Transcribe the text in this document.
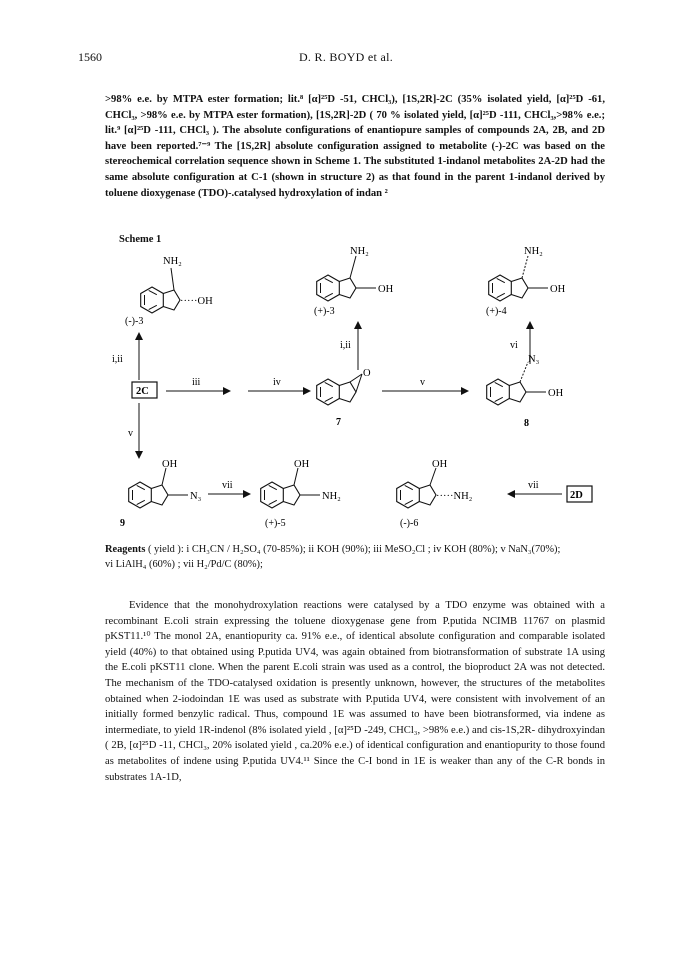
1560	D. R. BOYD et al.
>98% e.e. by MTPA ester formation; lit.⁸ [α]²⁵D -51, CHCl₃), [1S,2R]-2C (35% isolated yield, [α]²⁵D -61, CHCl₃, >98% e.e. by MTPA ester formation), [1S,2R]-2D ( 70 % isolated yield, [α]²⁵D -111, CHCl₃,>98% e.e.; lit.⁹ [α]²⁵D -111, CHCl₃ ). The absolute configurations of enantiopure samples of compounds 2A, 2B, and 2D have been reported.⁷⁻⁹ The [1S,2R] absolute configuration assigned to metabolite (-)-2C was based on the stereochemical correlation sequence shown in Scheme 1. The substituted 1-indanol metabolites 2A-2D had the same absolute configuration at C-1 (shown in structure 2) as that found in the parent 1-indanol derived by toluene dioxygenase (TDO)-.catalysed hydroxylation of indan ²
Scheme 1
NH₂
·····OH
(-)-3
NH₂
OH
(+)-3
NH₂
OH
(+)-4
i,ii
i,ii	vi
2C
iii	iv
O
7
v
N₃
OH
8
v
OH
N₃
9
vii
OH
NH₂
(+)-5
OH
·····NH₂
(-)-6
vii
2D
Reagents ( yield ): i CH₃CN / H₂SO₄ (70-85%); ii KOH (90%); iii MeSO₂Cl ; iv KOH (80%); v NaN₃(70%);
vi LiAlH₄ (60%) ; vii H₂/Pd/C (80%);
Evidence that the monohydroxylation reactions were catalysed by a TDO enzyme was obtained with a recombinant E.coli strain expressing the toluene dioxygenase gene from P.putida NCIMB 11767 on plasmid pKST11.¹⁰ The monol 2A, enantiopurity ca. 91% e.e., of identical absolute configuration and comparable isolated yield (40%) to that obtained using P.putida UV4, was again obtained from biotransformation of substrate 1A using the E.coli pKST11 clone. When the parent E.coli strain was used as a control, the bioproduct 2A was not detected. The mechanism of the TDO-catalysed oxidation is presently unknown, however, the structures of the metabolites obtained when 2-iodoindan 1E was used as substrate with P.putida UV4, were consistent with involvement of an initially formed benzylic radical. Thus, compound 1E was assumed to have been biotransformed, via indene as intermediate, to yield 1R-indenol (8% isolated yield , [α]²⁵D -249, CHCl₃, >98% e.e.) and cis-1S,2R- dihydroxyindan ( 2B, [α]²⁵D -11, CHCl₃, 20% isolated yield , ca.20% e.e.) of identical configuration and enantiopurity to those found as metabolites of indene using P.putida UV4.¹¹ Since the C-I bond in 1E is weaker than any of the C-R bonds in substrates 1A-1D,
